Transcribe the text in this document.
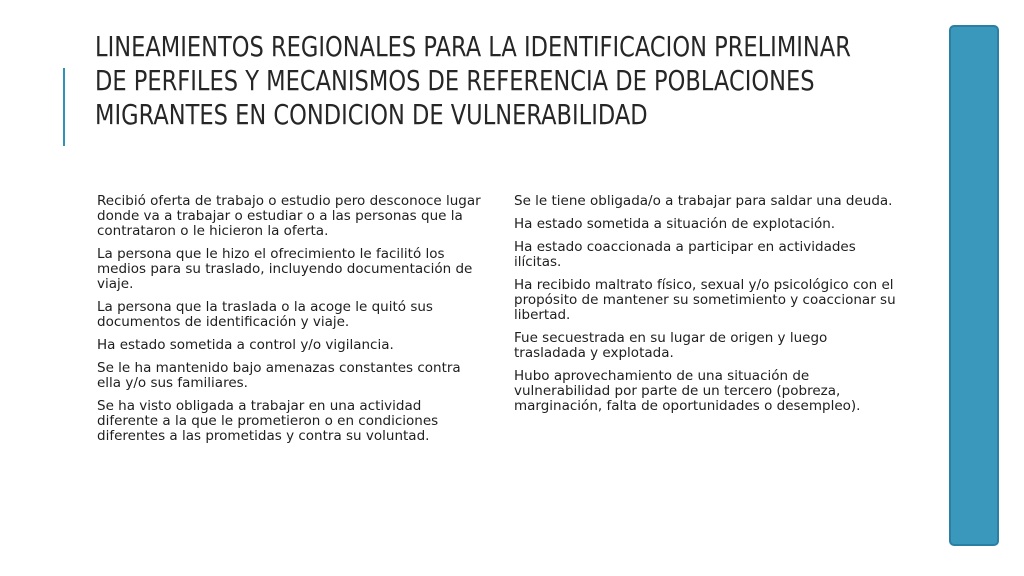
LINEAMIENTOS REGIONALES PARA LA IDENTIFICACION PRELIMINAR
DE PERFILES Y MECANISMOS DE REFERENCIA DE POBLACIONES
MIGRANTES EN CONDICION DE VULNERABILIDAD

Recibió oferta de trabajo o estudio pero desconoce lugar donde va a trabajar o estudiar o a las personas que la contrataron o le hicieron la oferta.

La persona que le hizo el ofrecimiento le facilitó los medios para su traslado, incluyendo documentación de viaje.

La persona que la traslada o la acoge le quitó sus documentos de identificación y viaje.

Ha estado sometida a control y/o vigilancia.

Se le ha mantenido bajo amenazas constantes contra ella y/o sus familiares.

Se ha visto obligada a trabajar en una actividad diferente a la que le prometieron o en condiciones diferentes a las prometidas y contra su voluntad.

Se le tiene obligada/o a trabajar para saldar una deuda.

Ha estado sometida a situación de explotación.

Ha estado coaccionada a participar en actividades ilícitas.

Ha recibido maltrato físico, sexual y/o psicológico con el propósito de mantener su sometimiento y coaccionar su libertad.

Fue secuestrada en su lugar de origen y luego trasladada y explotada.

Hubo aprovechamiento de una situación de vulnerabilidad por parte de un tercero (pobreza, marginación, falta de oportunidades o desempleo).
